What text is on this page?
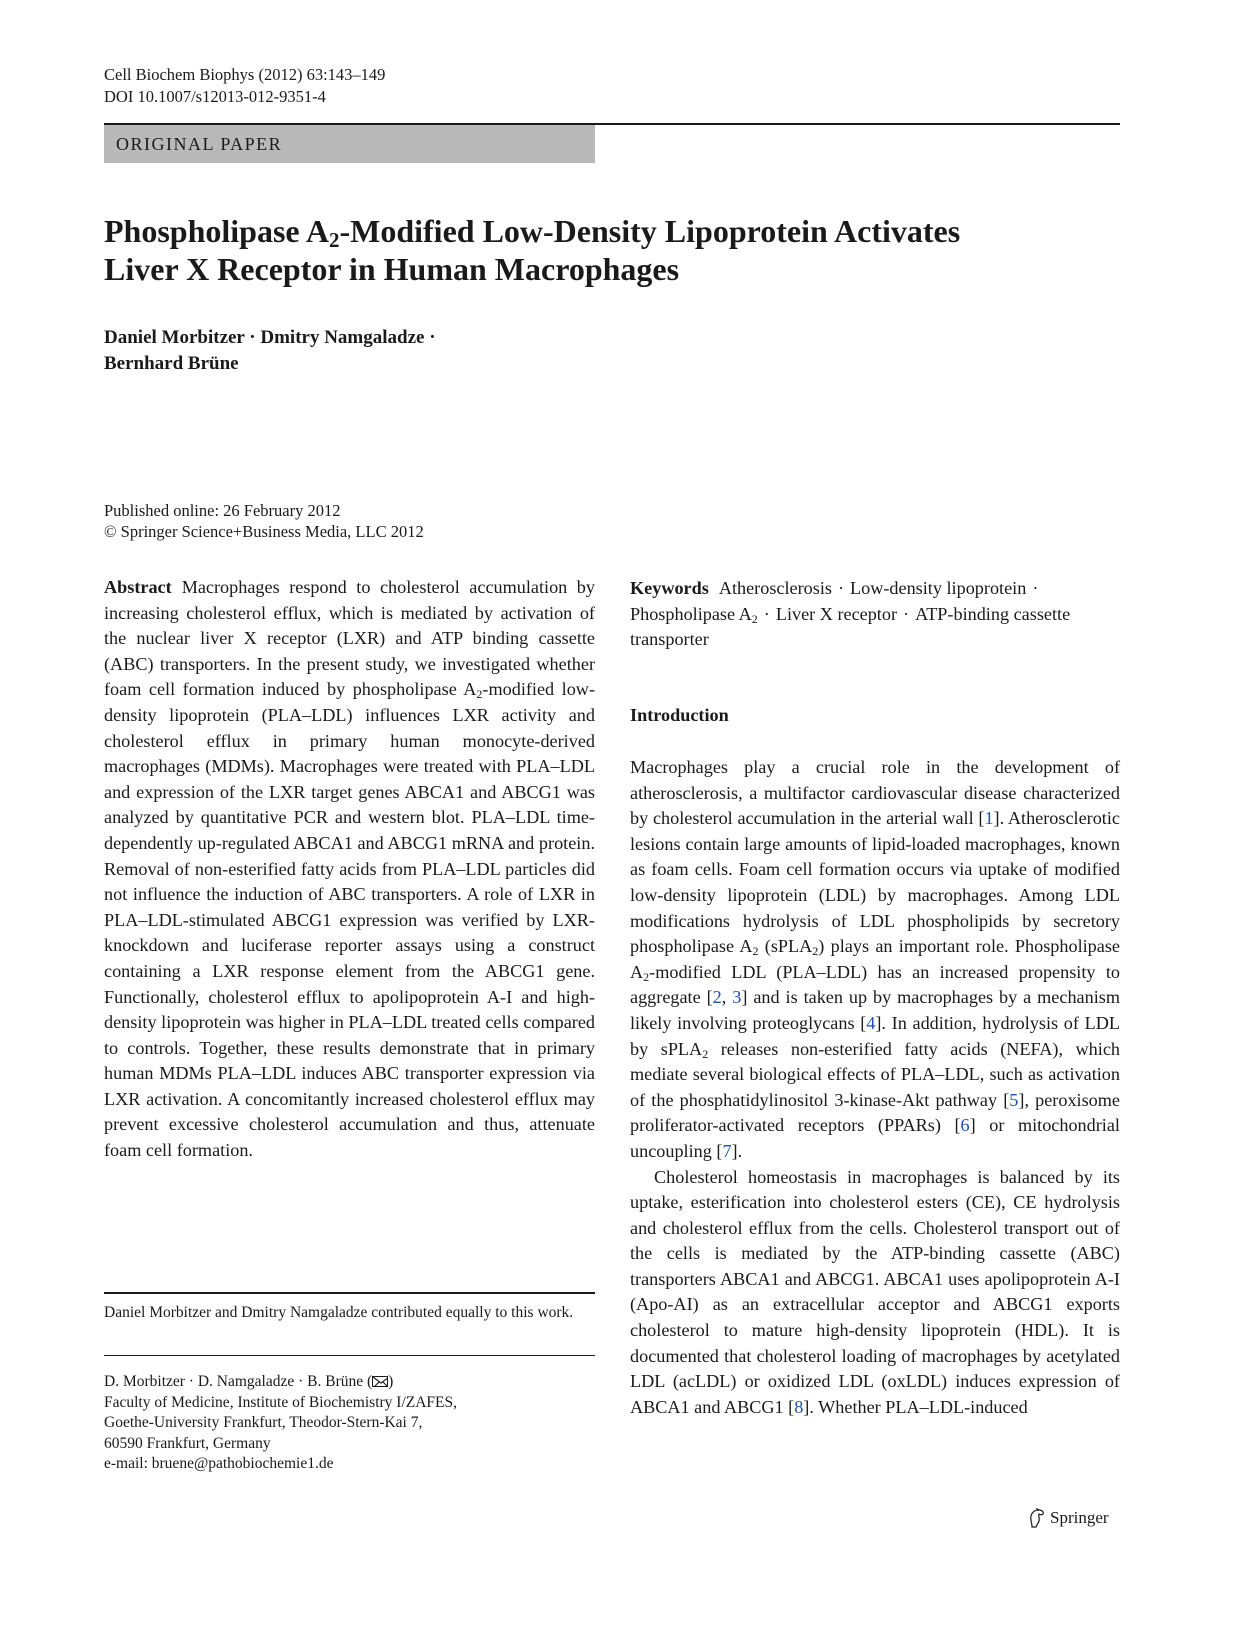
Cell Biochem Biophys (2012) 63:143–149
DOI 10.1007/s12013-012-9351-4
ORIGINAL PAPER
Phospholipase $A_2$-Modified Low-Density Lipoprotein Activates
Liver X Receptor in Human Macrophages
Daniel Morbitzer · Dmitry Namgaladze ·
Bernhard Brüne
Published online: 26 February 2012
© Springer Science+Business Media, LLC 2012
Abstract Macrophages respond to cholesterol accumulation by increasing cholesterol efflux, which is mediated by activation of the nuclear liver X receptor (LXR) and ATP binding cassette (ABC) transporters. In the present study, we investigated whether foam cell formation induced by phospholipase $A_2$-modified low-density lipoprotein (PLA–LDL) influences LXR activity and cholesterol efflux in primary human monocyte-derived macrophages (MDMs). Macrophages were treated with PLA–LDL and expression of the LXR target genes ABCA1 and ABCG1 was analyzed by quantitative PCR and western blot. PLA–LDL time-dependently up-regulated ABCA1 and ABCG1 mRNA and protein. Removal of non-esterified fatty acids from PLA–LDL particles did not influence the induction of ABC transporters. A role of LXR in PLA–LDL-stimulated ABCG1 expression was verified by LXR-knockdown and luciferase reporter assays using a construct containing a LXR response element from the ABCG1 gene. Functionally, cholesterol efflux to apolipoprotein A-I and high-density lipoprotein was higher in PLA–LDL treated cells compared to controls. Together, these results demonstrate that in primary human MDMs PLA–LDL induces ABC transporter expression via LXR activation. A concomitantly increased cholesterol efflux may prevent excessive cholesterol accumulation and thus, attenuate foam cell formation.
Keywords Atherosclerosis · Low-density lipoprotein ·
Phospholipase $A_2$ · Liver X receptor · ATP-binding cassette transporter
Introduction

Macrophages play a crucial role in the development of atherosclerosis, a multifactor cardiovascular disease characterized by cholesterol accumulation in the arterial wall [1]. Atherosclerotic lesions contain large amounts of lipid-loaded macrophages, known as foam cells. Foam cell formation occurs via uptake of modified low-density lipoprotein (LDL) by macrophages. Among LDL modifications hydrolysis of LDL phospholipids by secretory phospholipase $A_2$ (sPLA$_2$) plays an important role. Phospholipase $A_2$-modified LDL (PLA–LDL) has an increased propensity to aggregate [2, 3] and is taken up by macrophages by a mechanism likely involving proteoglycans [4]. In addition, hydrolysis of LDL by sPLA$_2$ releases non-esterified fatty acids (NEFA), which mediate several biological effects of PLA–LDL, such as activation of the phosphatidylinositol 3-kinase-Akt pathway [5], peroxisome proliferator-activated receptors (PPARs) [6] or mitochondrial uncoupling [7].

Cholesterol homeostasis in macrophages is balanced by its uptake, esterification into cholesterol esters (CE), CE hydrolysis and cholesterol efflux from the cells. Cholesterol transport out of the cells is mediated by the ATP-binding cassette (ABC) transporters ABCA1 and ABCG1. ABCA1 uses apolipoprotein A-I (Apo-AI) as an extracellular acceptor and ABCG1 exports cholesterol to mature high-density lipoprotein (HDL). It is documented that cholesterol loading of macrophages by acetylated LDL (acLDL) or oxidized LDL (oxLDL) induces expression of ABCA1 and ABCG1 [8]. Whether PLA–LDL-induced

Daniel Morbitzer and Dmitry Namgaladze contributed equally to this work.
D. Morbitzer · D. Namgaladze · B. Brüne ( )
Faculty of Medicine, Institute of Biochemistry I/ZAFES,
Goethe-University Frankfurt, Theodor-Stern-Kai 7,
60590 Frankfurt, Germany
e-mail: bruene@pathobiochemie1.de
Springer
